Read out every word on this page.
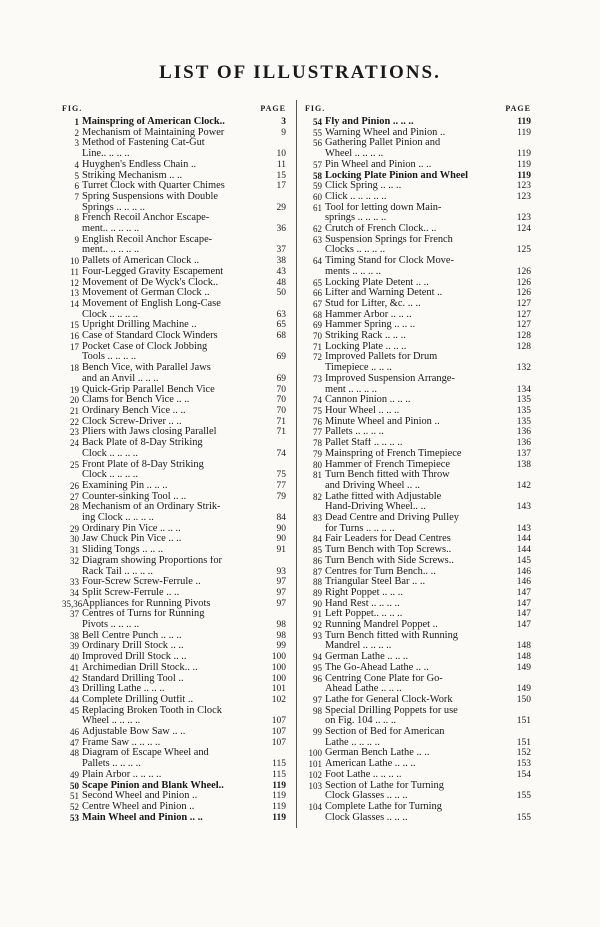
LIST OF ILLUSTRATIONS.
FIG.	PAGE
1 Mainspring of American Clock..	3
2 Mechanism of Maintaining Power	9
3 Method of Fastening Cat-Gut
Line.. .. .. ..	10
4 Huyghen's Endless Chain ..	11
5 Striking Mechanism .. ..	15
6 Turret Clock with Quarter Chimes	17
7 Spring Suspensions with Double
Springs .. .. .. ..	29
8 French Recoil Anchor Escape-
ment.. .. .. .. ..	36
9 English Recoil Anchor Escape-
ment.. .. .. .. ..	37
10 Pallets of American Clock ..	38
11 Four-Legged Gravity Escapement	43
12 Movement of De Wyck's Clock..	48
13 Movement of German Clock ..	50
14 Movement of English Long-Case
Clock .. .. .. ..	63
15 Upright Drilling Machine ..	65
16 Case of Standard Clock Winders	68
17 Pocket Case of Clock Jobbing
Tools .. .. .. ..	69
18 Bench Vice, with Parallel Jaws
and an Anvil .. .. ..	69
19 Quick-Grip Parallel Bench Vice	70
20 Clams for Bench Vice .. ..	70
21 Ordinary Bench Vice .. ..	70
22 Clock Screw-Driver .. ..	71
23 Pliers with Jaws closing Parallel	71
24 Back Plate of 8-Day Striking
Clock .. .. .. ..	74
25 Front Plate of 8-Day Striking
Clock .. .. .. ..	75
26 Examining Pin .. .. ..	77
27 Counter-sinking Tool .. ..	79
28 Mechanism of an Ordinary Strik-
ing Clock .. .. .. ..	84
29 Ordinary Pin Vice .. .. ..	90
30 Jaw Chuck Pin Vice .. ..	90
31 Sliding Tongs .. .. ..	91
32 Diagram showing Proportions for
Rack Tail .. .. .. ..	93
33 Four-Screw Screw-Ferrule ..	97
34 Split Screw-Ferrule .. ..	97
35,36 Appliances for Running Pivots	97
37 Centres of Turns for Running
Pivots .. .. .. ..	98
38 Bell Centre Punch .. .. ..	98
39 Ordinary Drill Stock .. ..	99
40 Improved Drill Stock .. ..	100
41 Archimedian Drill Stock.. ..	100
42 Standard Drilling Tool ..	100
43 Drilling Lathe .. .. ..	101
44 Complete Drilling Outfit ..	102
45 Replacing Broken Tooth in Clock
Wheel .. .. .. ..	107
46 Adjustable Bow Saw .. ..	107
47 Frame Saw .. .. .. ..	107
48 Diagram of Escape Wheel and
Pallets .. .. .. ..	115
49 Plain Arbor .. .. .. ..	115
50 Scape Pinion and Blank Wheel..	119
51 Second Wheel and Pinion ..	119
52 Centre Wheel and Pinion ..	119
53 Main Wheel and Pinion .. ..	119
FIG.	PAGE
54 Fly and Pinion .. .. ..	119
55 Warning Wheel and Pinion ..	119
56 Gathering Pallet Pinion and
Wheel .. .. .. ..	119
57 Pin Wheel and Pinion .. ..	119
58 Locking Plate Pinion and Wheel	119
59 Click Spring .. .. ..	123
60 Click .. .. .. .. ..	123
61 Tool for letting down Main-
springs .. .. .. ..	123
62 Crutch of French Clock.. ..	124
63 Suspension Springs for French
Clocks .. .. .. ..	125
64 Timing Stand for Clock Move-
ments .. .. .. ..	126
65 Locking Plate Detent .. ..	126
66 Lifter and Warning Detent ..	126
67 Stud for Lifter, &c. .. ..	127
68 Hammer Arbor .. .. ..	127
69 Hammer Spring .. .. ..	127
70 Striking Rack .. .. ..	128
71 Locking Plate .. .. ..	128
72 Improved Pallets for Drum
Timepiece .. .. ..	132
73 Improved Suspension Arrange-
ment .. .. .. ..	134
74 Cannon Pinion .. .. ..	135
75 Hour Wheel .. .. ..	135
76 Minute Wheel and Pinion ..	135
77 Pallets .. .. .. ..	136
78 Pallet Staff .. .. .. ..	136
79 Mainspring of French Timepiece	137
80 Hammer of French Timepiece	138
81 Turn Bench fitted with Throw
and Driving Wheel .. ..	142
82 Lathe fitted with Adjustable
Hand-Driving Wheel.. ..	143
83 Dead Centre and Driving Pulley
for Turns .. .. .. ..	143
84 Fair Leaders for Dead Centres	144
85 Turn Bench with Top Screws..	144
86 Turn Bench with Side Screws..	145
87 Centres for Turn Bench.. ..	146
88 Triangular Steel Bar .. ..	146
89 Right Poppet .. .. ..	147
90 Hand Rest .. .. .. ..	147
91 Left Poppet.. .. .. ..	147
92 Running Mandrel Poppet ..	147
93 Turn Bench fitted with Running
Mandrel .. .. .. ..	148
94 German Lathe .. .. ..	148
95 The Go-Ahead Lathe .. ..	149
96 Centring Cone Plate for Go-
Ahead Lathe .. .. ..	149
97 Lathe for General Clock-Work	150
98 Special Drilling Poppets for use
on Fig. 104 .. .. ..	151
99 Section of Bed for American
Lathe .. .. .. ..	151
100 German Bench Lathe .. ..	152
101 American Lathe .. .. ..	153
102 Foot Lathe .. .. .. ..	154
103 Section of Lathe for Turning
Clock Glasses .. .. ..	155
104 Complete Lathe for Turning
Clock Glasses .. .. ..	155
